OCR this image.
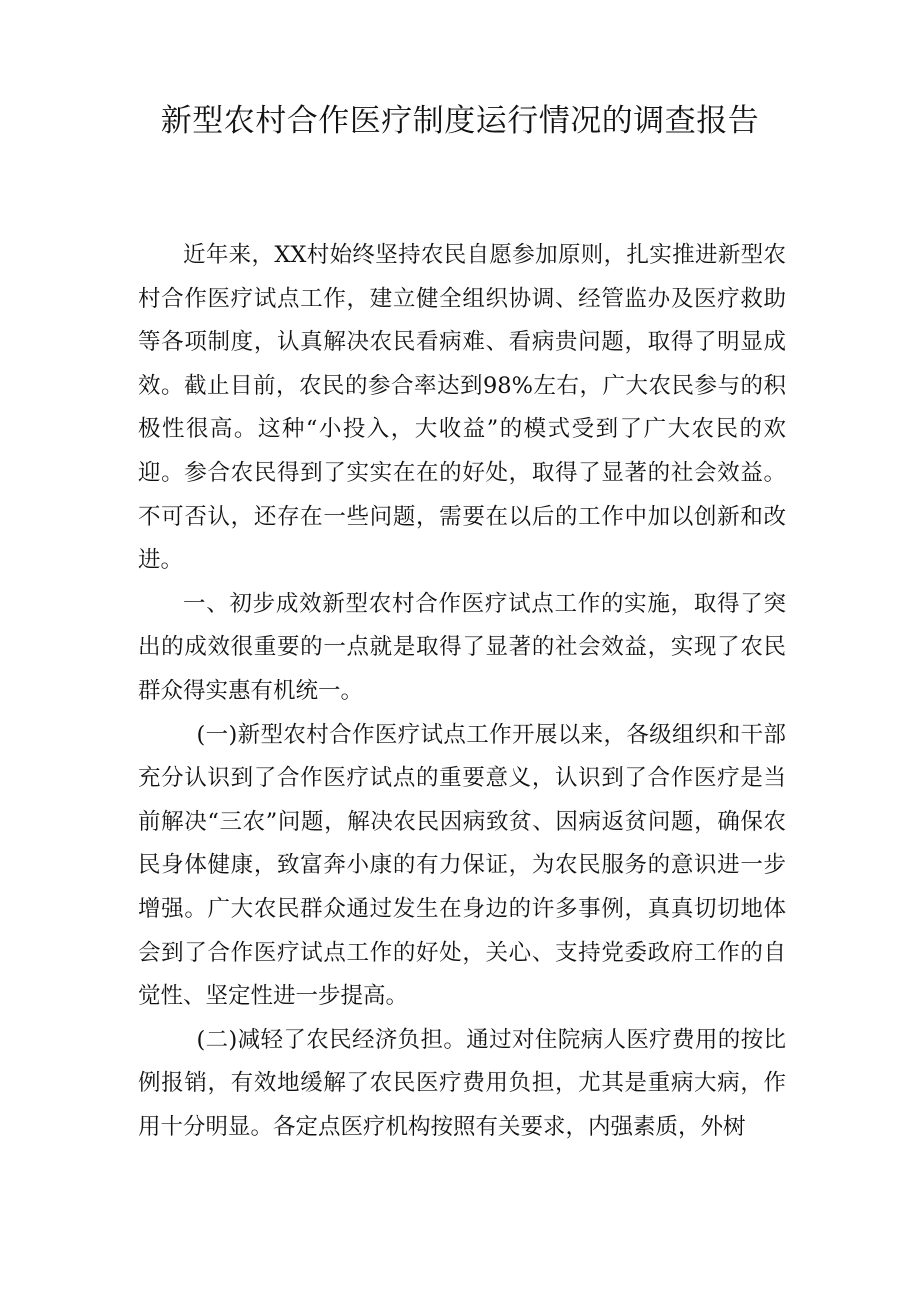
新型农村合作医疗制度运行情况的调查报告

近年来，XX村始终坚持农民自愿参加原则，扎实推进新型农村合作医疗试点工作，建立健全组织协调、经管监办及医疗救助等各项制度，认真解决农民看病难、看病贵问题，取得了明显成效。截止目前，农民的参合率达到98%左右，广大农民参与的积极性很高。这种“小投入，大收益”的模式受到了广大农民的欢迎。参合农民得到了实实在在的好处，取得了显著的社会效益。不可否认，还存在一些问题，需要在以后的工作中加以创新和改进。

一、初步成效新型农村合作医疗试点工作的实施，取得了突出的成效很重要的一点就是取得了显著的社会效益，实现了农民群众得实惠有机统一。

(一)新型农村合作医疗试点工作开展以来，各级组织和干部充分认识到了合作医疗试点的重要意义，认识到了合作医疗是当前解决“三农”问题，解决农民因病致贫、因病返贫问题，确保农民身体健康，致富奔小康的有力保证，为农民服务的意识进一步增强。广大农民群众通过发生在身边的许多事例，真真切切地体会到了合作医疗试点工作的好处，关心、支持党委政府工作的自觉性、坚定性进一步提高。

(二)减轻了农民经济负担。通过对住院病人医疗费用的按比例报销，有效地缓解了农民医疗费用负担，尤其是重病大病，作用十分明显。各定点医疗机构按照有关要求，内强素质，外树
